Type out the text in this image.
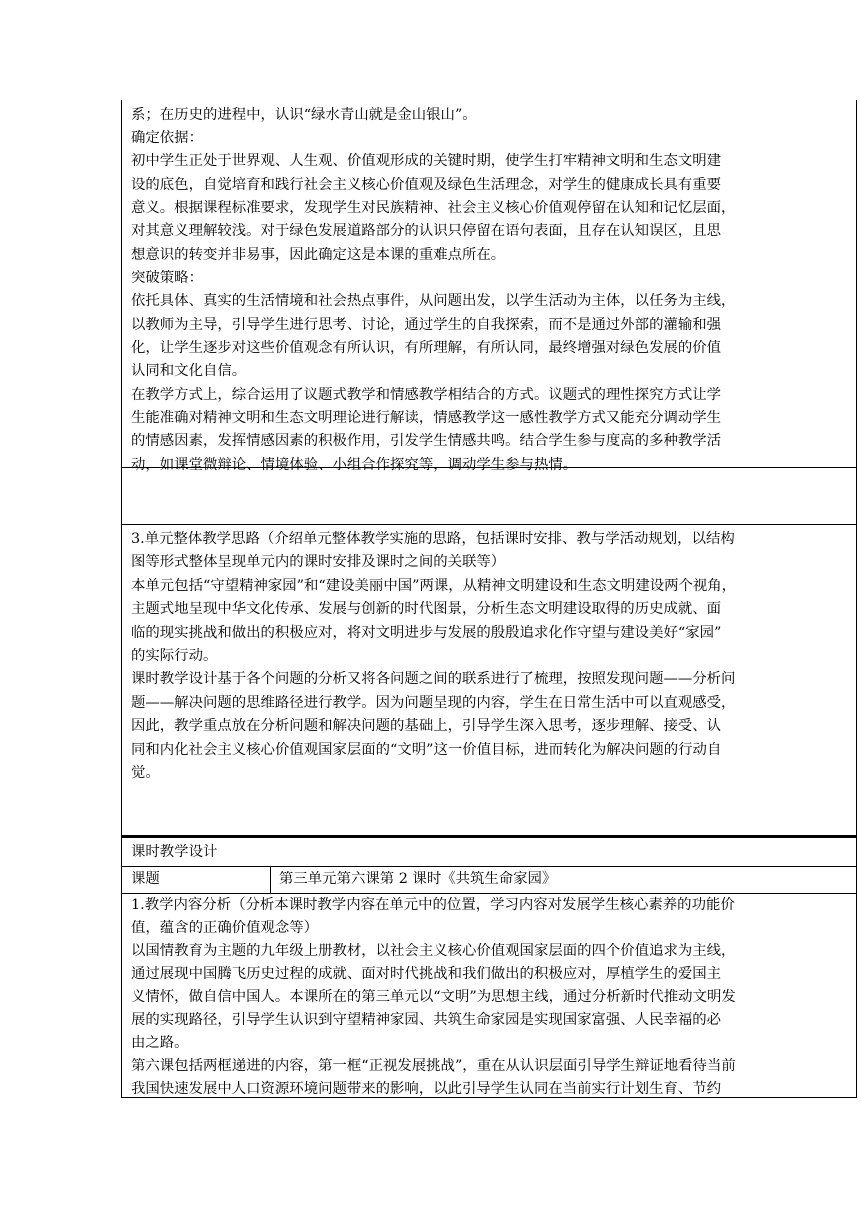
系；在历史的进程中，认识“绿水青山就是金山银山”。
确定依据：
初中学生正处于世界观、人生观、价值观形成的关键时期，使学生打牢精神文明和生态文明建
设的底色，自觉培育和践行社会主义核心价值观及绿色生活理念，对学生的健康成长具有重要
意义。根据课程标准要求，发现学生对民族精神、社会主义核心价值观停留在认知和记忆层面，
对其意义理解较浅。对于绿色发展道路部分的认识只停留在语句表面，且存在认知误区，且思
想意识的转变并非易事，因此确定这是本课的重难点所在。
突破策略：
依托具体、真实的生活情境和社会热点事件，从问题出发，以学生活动为主体，以任务为主线，
以教师为主导，引导学生进行思考、讨论，通过学生的自我探索，而不是通过外部的灌输和强
化，让学生逐步对这些价值观念有所认识，有所理解，有所认同，最终增强对绿色发展的价值
认同和文化自信。
在教学方式上，综合运用了议题式教学和情感教学相结合的方式。议题式的理性探究方式让学
生能准确对精神文明和生态文明理论进行解读，情感教学这一感性教学方式又能充分调动学生
的情感因素，发挥情感因素的积极作用，引发学生情感共鸣。结合学生参与度高的多种教学活
动，如课堂微辩论、情境体验、小组合作探究等，调动学生参与热情。
3.单元整体教学思路（介绍单元整体教学实施的思路，包括课时安排、教与学活动规划，以结构
图等形式整体呈现单元内的课时安排及课时之间的关联等）
本单元包括“守望精神家园”和“建设美丽中国”两课，从精神文明建设和生态文明建设两个视角，
主题式地呈现中华文化传承、发展与创新的时代图景，分析生态文明建设取得的历史成就、面
临的现实挑战和做出的积极应对，将对文明进步与发展的殷殷追求化作守望与建设美好“家园”
的实际行动。
课时教学设计基于各个问题的分析又将各问题之间的联系进行了梳理，按照发现问题——分析问
题——解决问题的思维路径进行教学。因为问题呈现的内容，学生在日常生活中可以直观感受，
因此，教学重点放在分析问题和解决问题的基础上，引导学生深入思考，逐步理解、接受、认
同和内化社会主义核心价值观国家层面的“文明”这一价值目标，进而转化为解决问题的行动自
觉。
课时教学设计
课题	第三单元第六课第 2 课时《共筑生命家园》
1.教学内容分析（分析本课时教学内容在单元中的位置，学习内容对发展学生核心素养的功能价
值，蕴含的正确价值观念等）
以国情教育为主题的九年级上册教材，以社会主义核心价值观国家层面的四个价值追求为主线，
通过展现中国腾飞历史过程的成就、面对时代挑战和我们做出的积极应对，厚植学生的爱国主
义情怀，做自信中国人。本课所在的第三单元以“文明”为思想主线，通过分析新时代推动文明发
展的实现路径，引导学生认识到守望精神家园、共筑生命家园是实现国家富强、人民幸福的必
由之路。
第六课包括两框递进的内容，第一框“正视发展挑战”，重在从认识层面引导学生辩证地看待当前
我国快速发展中人口资源环境问题带来的影响，以此引导学生认同在当前实行计划生育、节约
